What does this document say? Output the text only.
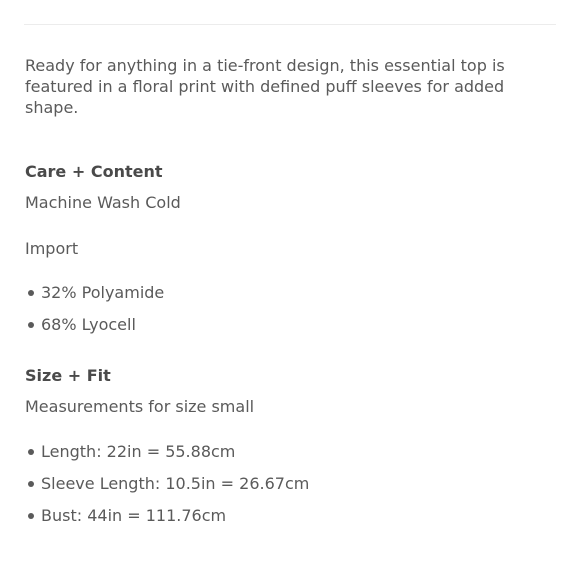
Ready for anything in a tie-front design, this essential top is featured in a floral print with defined puff sleeves for added shape.

Care + Content

Machine Wash Cold

Import

32% Polyamide
68% Lyocell
Size + Fit

Measurements for size small

Length: 22in = 55.88cm
Sleeve Length: 10.5in = 26.67cm
Bust: 44in = 111.76cm
